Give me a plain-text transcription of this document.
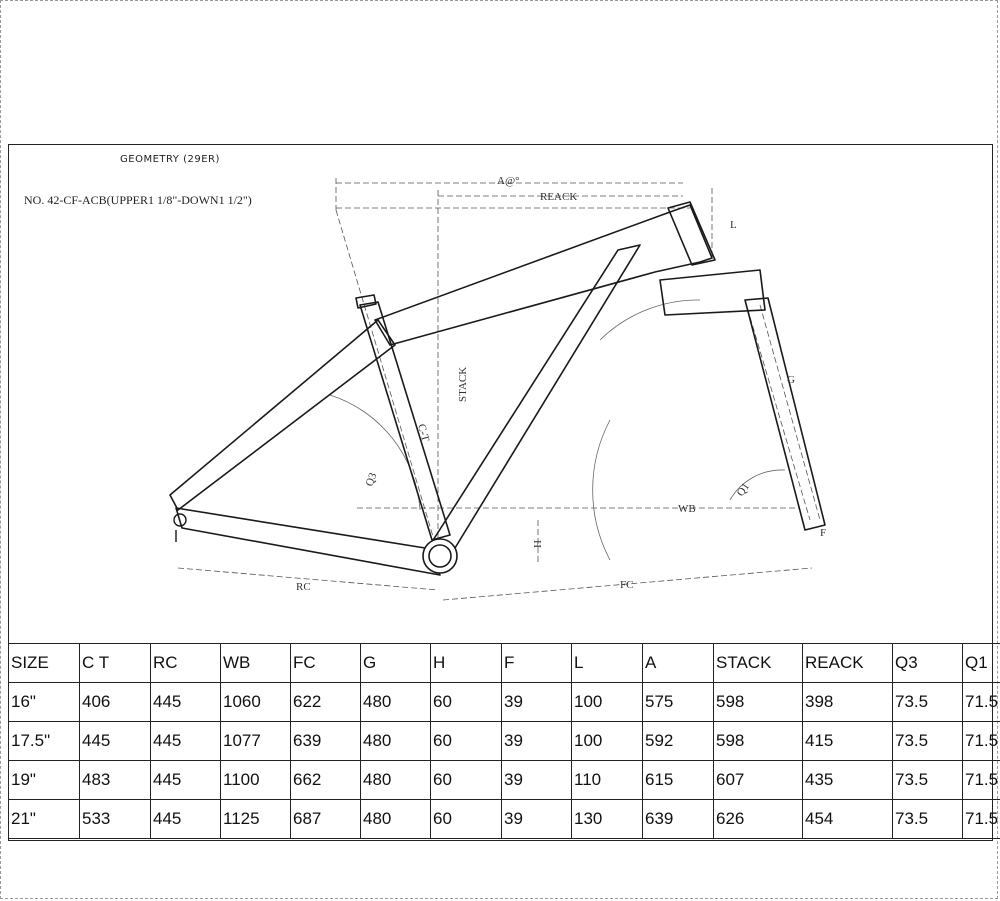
GEOMETRY (29ER)
NO. 42-CF-ACB(UPPER1 1/8"-DOWN1 1/2")
A@°
REACK
STACK
C-T
Q3
Q1
WB
H
RC	FC
G
L
F
SIZE	C T	RC	WB	FC	G	H	F	L	A	STACK	REACK	Q3	Q1
16"	406	445	1060	622	480	60	39	100	575	598	398	73.5	71.5
17.5"	445	445	1077	639	480	60	39	100	592	598	415	73.5	71.5
19"	483	445	1100	662	480	60	39	110	615	607	435	73.5	71.5
21"	533	445	1125	687	480	60	39	130	639	626	454	73.5	71.5
